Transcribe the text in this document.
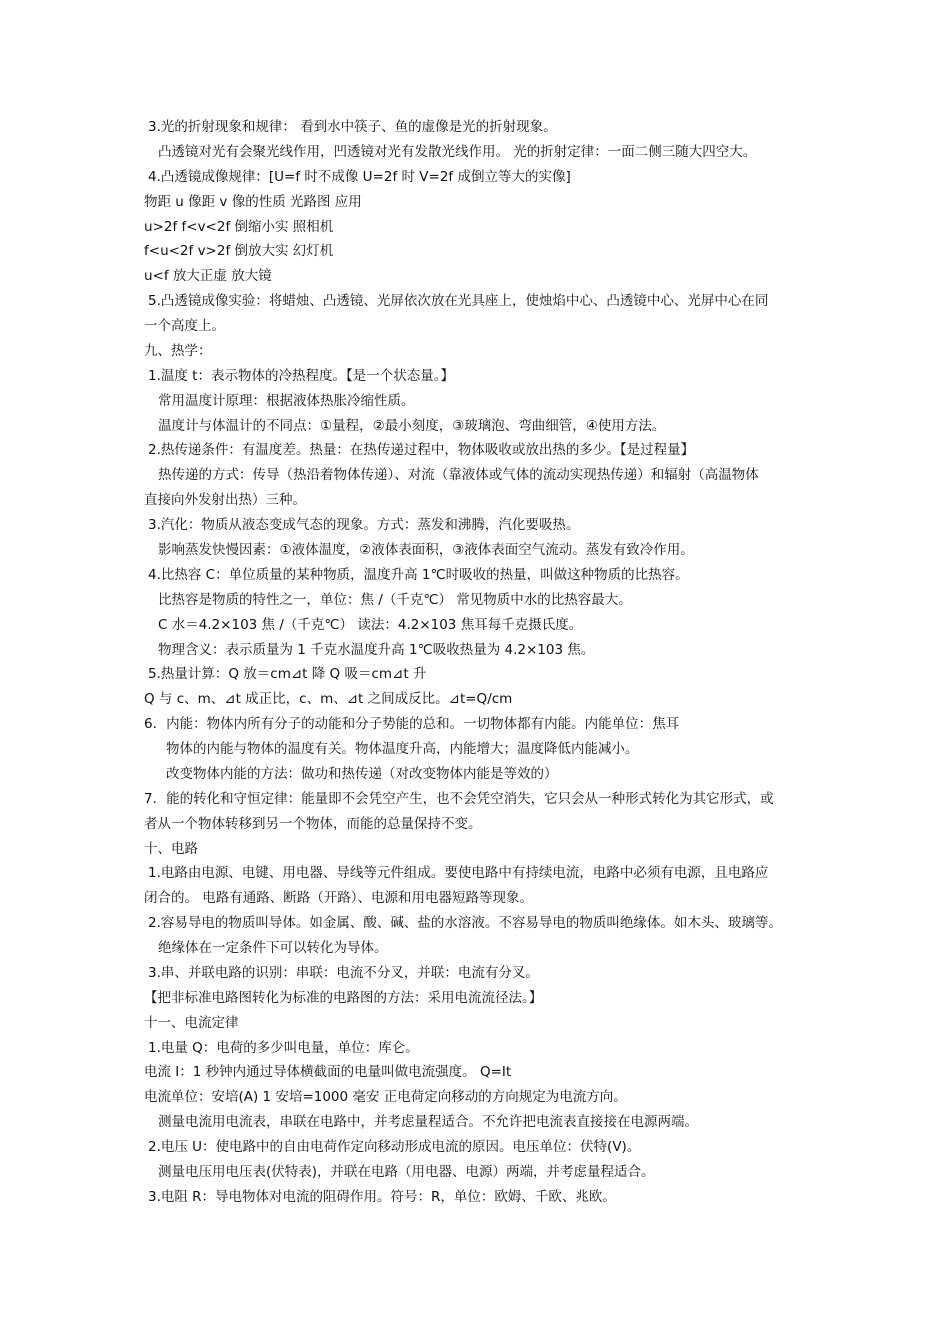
3.光的折射现象和规律： 看到水中筷子、鱼的虚像是光的折射现象。
凸透镜对光有会聚光线作用，凹透镜对光有发散光线作用。 光的折射定律：一面二侧三随大四空大。
4.凸透镜成像规律：[U=f 时不成像 U=2f 时 V=2f 成倒立等大的实像]
物距 u 像距 v 像的性质 光路图 应用
u>2f f<v<2f 倒缩小实 照相机
f<u<2f v>2f 倒放大实 幻灯机
u<f 放大正虚 放大镜
5.凸透镜成像实验：将蜡烛、凸透镜、光屏依次放在光具座上，使烛焰中心、凸透镜中心、光屏中心在同
一个高度上。
九、热学：
1.温度 t：表示物体的冷热程度。【是一个状态量。】
常用温度计原理：根据液体热胀冷缩性质。
温度计与体温计的不同点：①量程，②最小刻度，③玻璃泡、弯曲细管，④使用方法。
2.热传递条件：有温度差。热量：在热传递过程中，物体吸收或放出热的多少。【是过程量】
热传递的方式：传导（热沿着物体传递）、对流（靠液体或气体的流动实现热传递）和辐射（高温物体
直接向外发射出热）三种。
3.汽化：物质从液态变成气态的现象。方式：蒸发和沸腾，汽化要吸热。
影响蒸发快慢因素：①液体温度，②液体表面积，③液体表面空气流动。蒸发有致冷作用。
4.比热容 C：单位质量的某种物质，温度升高 1℃时吸收的热量，叫做这种物质的比热容。
比热容是物质的特性之一，单位：焦 /（千克℃） 常见物质中水的比热容最大。
C 水＝4.2×103 焦 /（千克℃） 读法：4.2×103 焦耳每千克摄氏度。
物理含义：表示质量为 1 千克水温度升高 1℃吸收热量为 4.2×103 焦。
5.热量计算：Q 放＝cm⊿t 降 Q 吸＝cm⊿t 升
Q 与 c、m、⊿t 成正比，c、m、⊿t 之间成反比。⊿t=Q/cm
6．内能：物体内所有分子的动能和分子势能的总和。一切物体都有内能。内能单位：焦耳
物体的内能与物体的温度有关。物体温度升高，内能增大；温度降低内能减小。
改变物体内能的方法：做功和热传递（对改变物体内能是等效的）
7．能的转化和守恒定律：能量即不会凭空产生，也不会凭空消失，它只会从一种形式转化为其它形式，或
者从一个物体转移到另一个物体，而能的总量保持不变。
十、电路
1.电路由电源、电键、用电器、导线等元件组成。要使电路中有持续电流，电路中必须有电源，且电路应
闭合的。 电路有通路、断路（开路）、电源和用电器短路等现象。
2.容易导电的物质叫导体。如金属、酸、碱、盐的水溶液。不容易导电的物质叫绝缘体。如木头、玻璃等。
绝缘体在一定条件下可以转化为导体。
3.串、并联电路的识别：串联：电流不分叉，并联：电流有分叉。
【把非标准电路图转化为标准的电路图的方法：采用电流流径法。】
十一、电流定律
1.电量 Q：电荷的多少叫电量，单位：库仑。
电流 I：1 秒钟内通过导体横截面的电量叫做电流强度。 Q=It
电流单位：安培(A) 1 安培=1000 毫安 正电荷定向移动的方向规定为电流方向。
测量电流用电流表，串联在电路中，并考虑量程适合。不允许把电流表直接接在电源两端。
2.电压 U：使电路中的自由电荷作定向移动形成电流的原因。电压单位：伏特(V)。
测量电压用电压表(伏特表)，并联在电路（用电器、电源）两端，并考虑量程适合。
3.电阻 R：导电物体对电流的阻碍作用。符号：R，单位：欧姆、千欧、兆欧。
